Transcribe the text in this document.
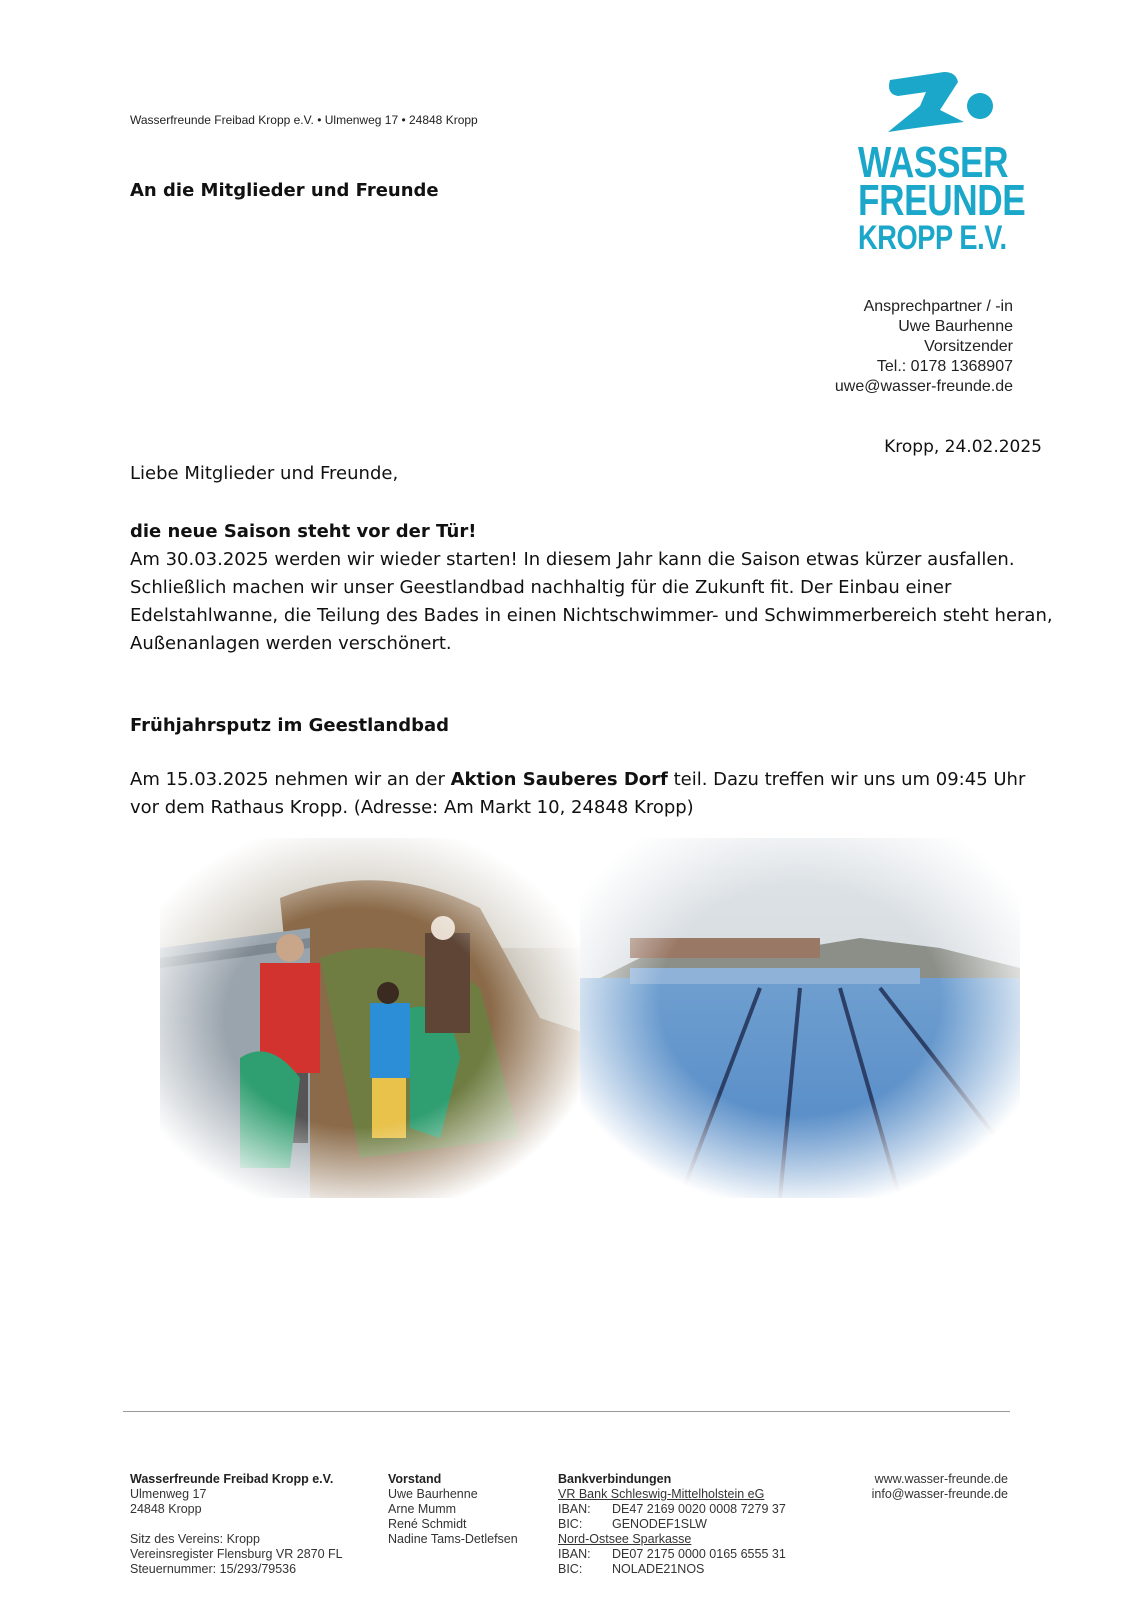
Wasserfreunde Freibad Kropp e.V. • Ulmenweg 17 • 24848 Kropp
An die Mitglieder und Freunde
WASSER
FREUNDE
KROPP E.V.
Ansprechpartner / -in
Uwe Baurhenne
Vorsitzender
Tel.: 0178 1368907
uwe@wasser-freunde.de
Kropp, 24.02.2025
Liebe Mitglieder und Freunde,
die neue Saison steht vor der Tür!
Am 30.03.2025 werden wir wieder starten! In diesem Jahr kann die Saison etwas kürzer ausfallen. Schließlich machen wir unser Geestlandbad nachhaltig für die Zukunft fit. Der Einbau einer Edelstahlwanne, die Teilung des Bades in einen Nichtschwimmer- und Schwimmerbereich steht heran, Außenanlagen werden verschönert.
Frühjahrsputz im Geestlandbad
Am 15.03.2025 nehmen wir an der Aktion Sauberes Dorf teil. Dazu treffen wir uns um 09:45 Uhr vor dem Rathaus Kropp. (Adresse: Am Markt 10, 24848 Kropp)
Wasserfreunde Freibad Kropp e.V.
Ulmenweg 17
24848 Kropp
Sitz des Vereins: Kropp
Vereinsregister Flensburg VR 2870 FL
Steuernummer: 15/293/79536
Vorstand
Uwe Baurhenne
Arne Mumm
René Schmidt
Nadine Tams-Detlefsen
Bankverbindungen
VR Bank Schleswig-Mittelholstein eG
IBAN:	DE47 2169 0020 0008 7279 37
BIC:	GENODEF1SLW
Nord-Ostsee Sparkasse
IBAN:	DE07 2175 0000 0165 6555 31
BIC:	NOLADE21NOS
www.wasser-freunde.de
info@wasser-freunde.de
